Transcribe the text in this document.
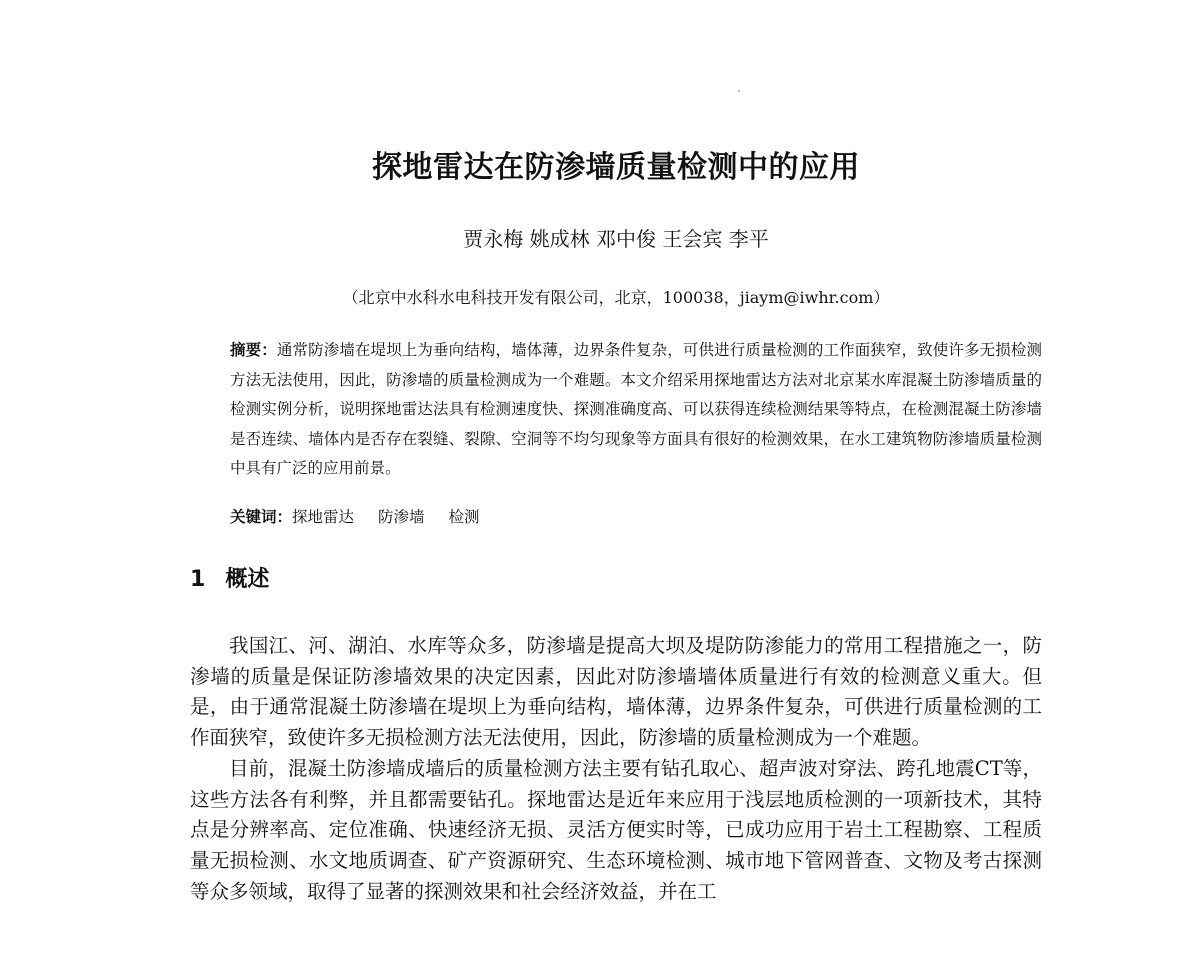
探地雷达在防渗墙质量检测中的应用
贾永梅 姚成林 邓中俊 王会宾 李平
（北京中水科水电科技开发有限公司，北京，100038，jiaym@iwhr.com）
摘要：通常防渗墙在堤坝上为垂向结构，墙体薄，边界条件复杂，可供进行质量检测的工作面狭窄，致使许多无损检测方法无法使用，因此，防渗墙的质量检测成为一个难题。本文介绍采用探地雷达方法对北京某水库混凝土防渗墙质量的检测实例分析，说明探地雷达法具有检测速度快、探测准确度高、可以获得连续检测结果等特点，在检测混凝土防渗墙是否连续、墙体内是否存在裂缝、裂隙、空洞等不均匀现象等方面具有很好的检测效果，在水工建筑物防渗墙质量检测中具有广泛的应用前景。
关键词：探地雷达 防渗墙 检测
1 概述

我国江、河、湖泊、水库等众多，防渗墙是提高大坝及堤防防渗能力的常用工程措施之一，防渗墙的质量是保证防渗墙效果的决定因素，因此对防渗墙墙体质量进行有效的检测意义重大。但是，由于通常混凝土防渗墙在堤坝上为垂向结构，墙体薄，边界条件复杂，可供进行质量检测的工作面狭窄，致使许多无损检测方法无法使用，因此，防渗墙的质量检测成为一个难题。

目前，混凝土防渗墙成墙后的质量检测方法主要有钻孔取心、超声波对穿法、跨孔地震CT等，这些方法各有利弊，并且都需要钻孔。探地雷达是近年来应用于浅层地质检测的一项新技术，其特点是分辨率高、定位准确、快速经济无损、灵活方便实时等，已成功应用于岩土工程勘察、工程质量无损检测、水文地质调查、矿产资源研究、生态环境检测、城市地下管网普查、文物及考古探测等众多领域，取得了显著的探测效果和社会经济效益，并在工
